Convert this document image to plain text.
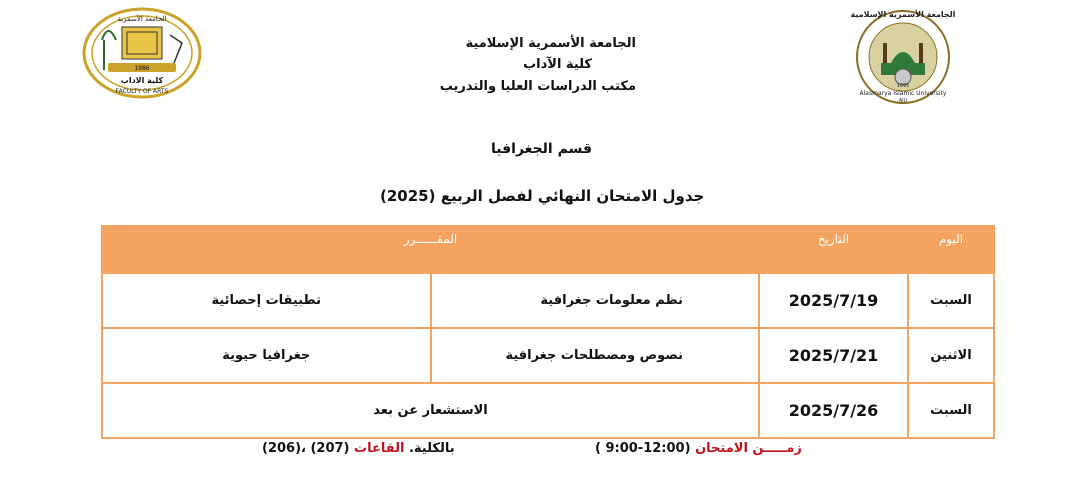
الجامعة الأسمرية
1986
كلية الاداب
FACULTY OF ARTS
الجامعة الأسمرية الإسلامية
Alasmarya Islamic University
AIU
1995
الجامعة الأسمرية الإسلامية
كلية الآداب
مكتب الدراسات العليا والتدريب
قسم الجغرافيا
جدول الامتحان النهائي لفصل الربيع (2025)
المقــــــرر		التاريخ	اليوم
تطبيقات إحصائية	نظم معلومات جغرافية	2025/7/19	السبت
جغرافيا حيوية	نصوص ومصطلحات جغرافية	2025/7/21	الاثنين
الاستشعار عن بعد		2025/7/26	السبت
( 9:00-12:00) زمـــــن الامتحان
(206)، (207) بالكلية. القاعات
